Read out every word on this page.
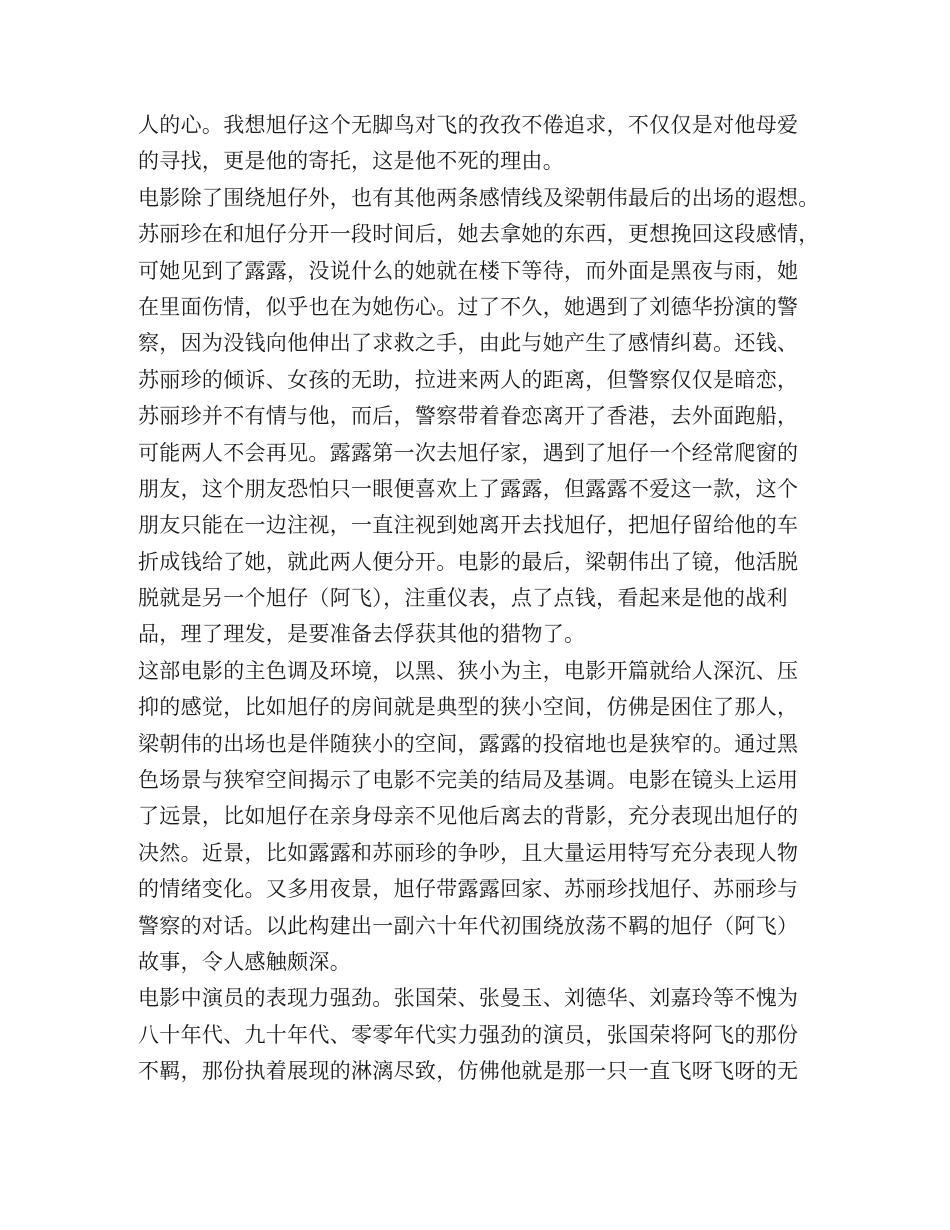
人的心。我想旭仔这个无脚鸟对飞的孜孜不倦追求，不仅仅是对他母爱
的寻找，更是他的寄托，这是他不死的理由。
电影除了围绕旭仔外，也有其他两条感情线及梁朝伟最后的出场的遐想。
苏丽珍在和旭仔分开一段时间后，她去拿她的东西，更想挽回这段感情，
可她见到了露露，没说什么的她就在楼下等待，而外面是黑夜与雨，她
在里面伤情，似乎也在为她伤心。过了不久，她遇到了刘德华扮演的警
察，因为没钱向他伸出了求救之手，由此与她产生了感情纠葛。还钱、
苏丽珍的倾诉、女孩的无助，拉进来两人的距离，但警察仅仅是暗恋，
苏丽珍并不有情与他，而后，警察带着眷恋离开了香港，去外面跑船，
可能两人不会再见。露露第一次去旭仔家，遇到了旭仔一个经常爬窗的
朋友，这个朋友恐怕只一眼便喜欢上了露露，但露露不爱这一款，这个
朋友只能在一边注视，一直注视到她离开去找旭仔，把旭仔留给他的车
折成钱给了她，就此两人便分开。电影的最后，梁朝伟出了镜，他活脱
脱就是另一个旭仔（阿飞），注重仪表，点了点钱，看起来是他的战利
品，理了理发，是要准备去俘获其他的猎物了。
这部电影的主色调及环境，以黑、狭小为主，电影开篇就给人深沉、压
抑的感觉，比如旭仔的房间就是典型的狭小空间，仿佛是困住了那人，
梁朝伟的出场也是伴随狭小的空间，露露的投宿地也是狭窄的。通过黑
色场景与狭窄空间揭示了电影不完美的结局及基调。电影在镜头上运用
了远景，比如旭仔在亲身母亲不见他后离去的背影，充分表现出旭仔的
决然。近景，比如露露和苏丽珍的争吵，且大量运用特写充分表现人物
的情绪变化。又多用夜景，旭仔带露露回家、苏丽珍找旭仔、苏丽珍与
警察的对话。以此构建出一副六十年代初围绕放荡不羁的旭仔（阿飞）
故事，令人感触颇深。
电影中演员的表现力强劲。张国荣、张曼玉、刘德华、刘嘉玲等不愧为
八十年代、九十年代、零零年代实力强劲的演员，张国荣将阿飞的那份
不羁，那份执着展现的淋漓尽致，仿佛他就是那一只一直飞呀飞呀的无
